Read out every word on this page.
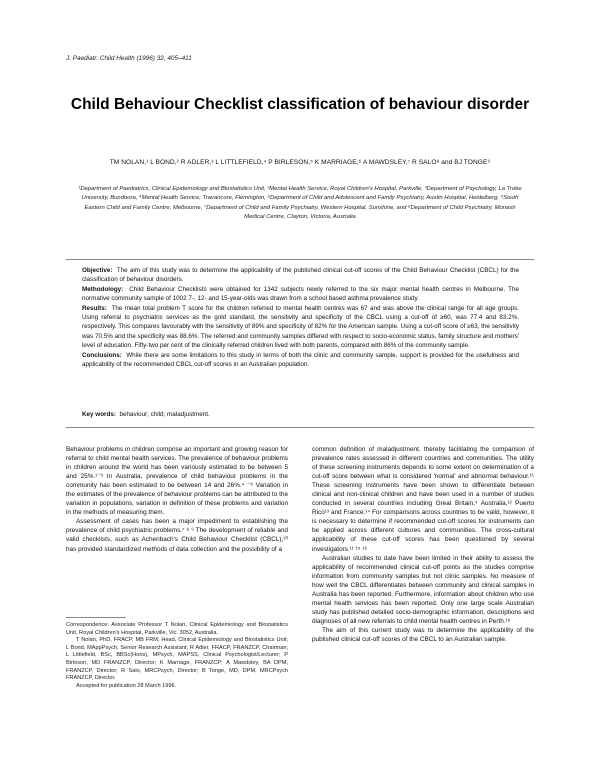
J. Paediatr. Child Health (1996) 32, 405–411
Child Behaviour Checklist classification of behaviour disorder
TM NOLAN,¹ L BOND,² R ADLER,³ L LITTLEFIELD,⁴ P BIRLESON,⁵ K MARRIAGE,⁶ A MAWDSLEY,⁷ R SALO⁸ and BJ TONGE⁹
¹Department of Paediatrics, Clinical Epidemiology and Biostatistics Unit, ²Mental Health Service, Royal Children's Hospital, Parkville, ³Department of Psychology, La Trobe University, Bundoora, ⁴Mental Health Service, Travancore, Flemington, ⁵Department of Child and Adolescent and Family Psychiatry, Austin Hospital, Heidelberg, ⁶South Eastern Child and Family Centre, Melbourne, ⁷Department of Child and Family Psychiatry, Western Hospital, Sunshine, and ⁸Department of Child Psychiatry, Monash Medical Centre, Clayton, Victoria, Australia

Objective: The aim of this study was to determine the applicability of the published clinical cut-off scores of the Child Behaviour Checklist (CBCL) for the classification of behaviour disorders.

Methodology: Child Behaviour Checklists were obtained for 1342 subjects newly referred to the six major mental health centres in Melbourne. The normative community sample of 1002 7-, 12- and 15-year-olds was drawn from a school based asthma prevalence study.

Results: The mean total problem T score for the children referred to mental health centres was 67 and was above the clinical range for all age groups. Using referral to psychiatric services as the gold standard, the sensitivity and specificity of the CBCL using a cut-off of ≥60, was 77.4 and 83.2%, respectively. This compares favourably with the sensitivity of 89% and specificity of 82% for the American sample. Using a cut-off score of ≥63, the sensitivity was 70.5% and the specificity was 88.6%. The referred and community samples differed with respect to socio-economic status, family structure and mothers' level of education. Fifty-two per cent of the clinically referred children lived with both parents, compared with 86% of the community sample.

Conclusions: While there are some limitations to this study in terms of both the clinic and community sample, support is provided for the usefulness and applicability of the recommended CBCL cut-off scores in an Australian population.

Key words: behaviour; child; maladjustment.

Behaviour problems in children comprise an important and growing reason for referral to child mental health services. The prevalence of behaviour problems in children around the world has been variously estimated to be between 5 and 25%.¹⁻³ In Australia, prevalence of child behaviour problems in the community has been estimated to be between 14 and 26%.⁴ ⁻⁶ Variation in the estimates of the prevalence of behaviour problems can be attributed to the variation in populations, variation in definition of these problems and variation in the methods of measuring them.

Assessment of cases has been a major impediment to establishing the prevalence of child psychiatric problems.⁷ ⁸ ⁹ The development of reliable and valid checklists, such as Achenbach's Child Behaviour Checklist (CBCL),¹⁰ has provided standardized methods of data collection and the possibility of a

Correspondence: Associate Professor T Nolan, Clinical Epidemiology and Biostatistics Unit, Royal Children's Hospital, Parkville, Vic. 3052, Australia.

T Nolan, PhD, FRACP, MB FRM, Head, Clinical Epidemiology and Biostatistics Unit; L Bond, MAppPsych, Senior Research Assistant; R Adler, FRACP, FRANZCP, Chairman; L Littlefield, BSc, BBSc(Hons), MPsych, MAPSS, Clinical Psychologist/Lecturer; P Birleson, MD FRANZCP, Director; K Marriage, FRANZCP; A Mawdsley, BA DPM, FRANZCP, Director; R Salo, MRCPsych, Director; B Tonge, MD, DPM, MRCPsych FRANZCP, Director.

Accepted for publication 28 March 1996.

common definition of maladjustment, thereby facilitating the comparison of prevalence rates assessed in different countries and communities. The utility of these screening instruments depends to some extent on determination of a cut-off score between what is considered 'normal' and abnormal behaviour.¹¹ These screening instruments have been shown to differentiate between clinical and non-clinical children and have been used in a number of studies conducted in several countries including Great Britain,⁴ Australia,¹² Puerto Rico¹³ and France.¹⁴ For comparisons across countries to be valid, however, it is necessary to determine if recommended cut-off scores for instruments can be applied across different cultures and communities. The cross-cultural applicability of these cut-off scores has been questioned by several investigators.¹¹ ¹⁵ ¹⁶

Australian studies to date have been limited in their ability to assess the applicability of recommended clinical cut-off points as the studies comprise information from community samples but not clinic samples. No measure of how well the CBCL differentiates between community and clinical samples in Australia has been reported. Furthermore, information about children who use mental health services has been reported. Only one large scale Australian study has published detailed socio-demographic information, descriptions and diagnoses of all new referrals to child mental health centres in Perth.¹⁸

The aim of this current study was to determine the applicability of the published clinical cut-off scores of the CBCL to an Australian sample.
